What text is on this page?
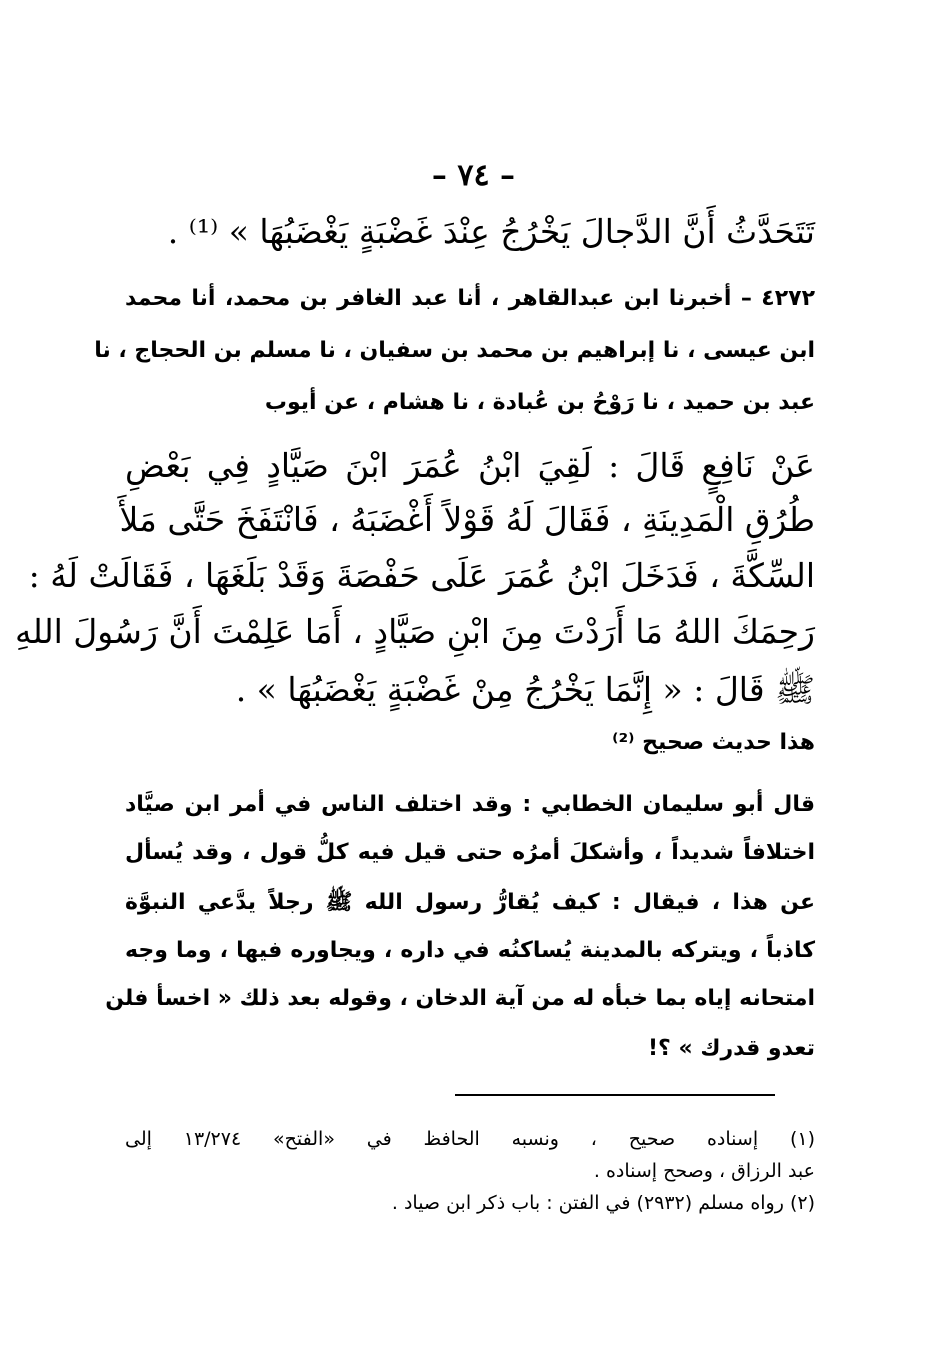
– ٧٤ –
تَتَحَدَّثُ أَنَّ الدَّجالَ يَخْرُجُ عِنْدَ غَضْبَةٍ يَغْضَبُهَا » ⁽¹⁾ .
٤٢٧٢ – أخبرنا ابن عبدالقاهر ، أنا عبد الغافر بن محمد، أنا محمد
ابن عيسى ، نا إبراهيم بن محمد بن سفيان ، نا مسلم بن الحجاج ، نا
عبد بن حميد ، نا رَوْحُ بن عُبادة ، نا هشام ، عن أيوب
عَنْ نَافِعٍ قَالَ : لَقِيَ ابْنُ عُمَرَ ابْنَ صَيَّادٍ فِي بَعْضِ
طُرُقِ الْمَدِينَةِ ، فَقَالَ لَهُ قَوْلاً أَغْضَبَهُ ، فَانْتَفَخَ حَتَّى مَلأَ
السِّكَّةَ ، فَدَخَلَ ابْنُ عُمَرَ عَلَى حَفْصَةَ وَقَدْ بَلَغَهَا ، فَقَالَتْ لَهُ :
رَحِمَكَ اللهُ مَا أَرَدْتَ مِنَ ابْنِ صَيَّادٍ ، أَمَا عَلِمْتَ أَنَّ رَسُولَ اللهِ
ﷺ قَالَ : « إِنَّمَا يَخْرُجُ مِنْ غَضْبَةٍ يَغْضَبُهَا » .
هذا حديث صحيح ⁽²⁾
قال أبو سليمان الخطابي : وقد اختلف الناس في أمر ابن صيَّاد
اختلافاً شديداً ، وأشكلَ أمرُه حتى قيل فيه كلُّ قول ، وقد يُسأل
عن هذا ، فيقال : كيف يُقارُّ رسول الله ﷺ رجلاً يدَّعي النبوَّة
كاذباً ، ويتركه بالمدينة يُساكنُه في داره ، ويجاوره فيها ، وما وجه
امتحانه إياه بما خبأه له من آية الدخان ، وقوله بعد ذلك « اخسأ فلن
تعدو قدرك » ؟!
(١) إسناده صحيح ، ونسبه الحافظ في «الفتح» ١٣/٢٧٤ إلى
عبد الرزاق ، وصحح إسناده .
(٢) رواه مسلم (٢٩٣٢) في الفتن : باب ذكر ابن صياد .
